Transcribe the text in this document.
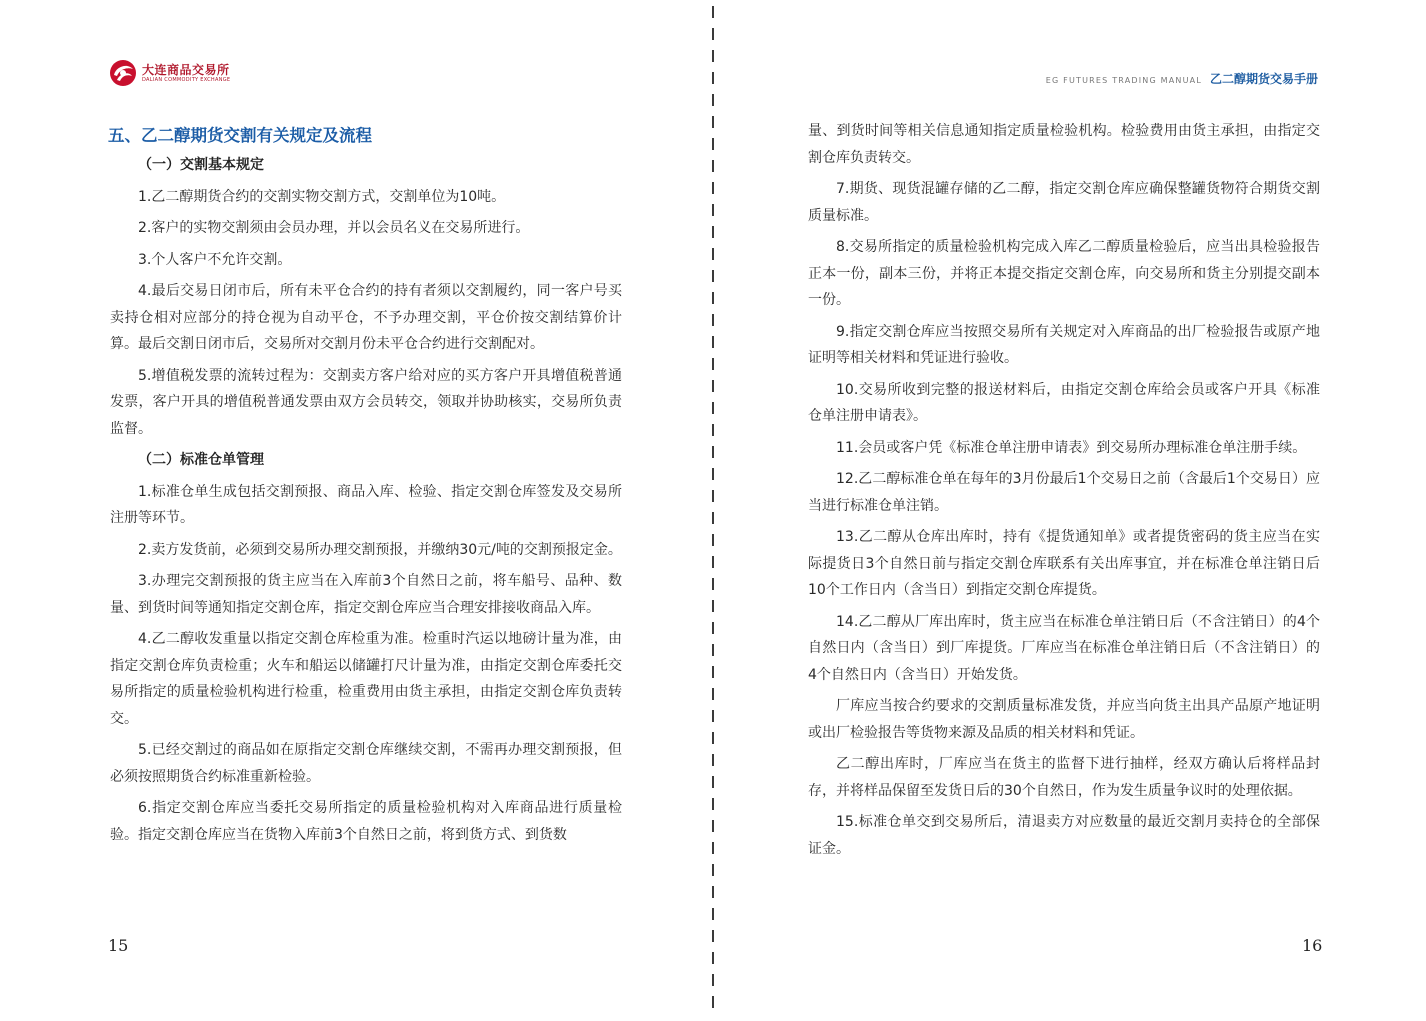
大连商品交易所
DALIAN COMMODITY EXCHANGE
五、乙二醇期货交割有关规定及流程

（一）交割基本规定

1.乙二醇期货合约的交割实物交割方式，交割单位为10吨。

2.客户的实物交割须由会员办理，并以会员名义在交易所进行。

3.个人客户不允许交割。

4.最后交易日闭市后，所有未平仓合约的持有者须以交割履约，同一客户号买卖持仓相对应部分的持仓视为自动平仓，不予办理交割，平仓价按交割结算价计算。最后交割日闭市后，交易所对交割月份未平仓合约进行交割配对。

5.增值税发票的流转过程为：交割卖方客户给对应的买方客户开具增值税普通发票，客户开具的增值税普通发票由双方会员转交，领取并协助核实，交易所负责监督。

（二）标准仓单管理

1.标准仓单生成包括交割预报、商品入库、检验、指定交割仓库签发及交易所注册等环节。

2.卖方发货前，必须到交易所办理交割预报，并缴纳30元/吨的交割预报定金。

3.办理完交割预报的货主应当在入库前3个自然日之前，将车船号、品种、数量、到货时间等通知指定交割仓库，指定交割仓库应当合理安排接收商品入库。

4.乙二醇收发重量以指定交割仓库检重为准。检重时汽运以地磅计量为准，由指定交割仓库负责检重；火车和船运以储罐打尺计量为准，由指定交割仓库委托交易所指定的质量检验机构进行检重，检重费用由货主承担，由指定交割仓库负责转交。

5.已经交割过的商品如在原指定交割仓库继续交割，不需再办理交割预报，但必须按照期货合约标准重新检验。

6.指定交割仓库应当委托交易所指定的质量检验机构对入库商品进行质量检验。指定交割仓库应当在货物入库前3个自然日之前，将到货方式、到货数

15
EG FUTURES TRADING MANUAL 乙二醇期货交易手册

量、到货时间等相关信息通知指定质量检验机构。检验费用由货主承担，由指定交割仓库负责转交。

7.期货、现货混罐存储的乙二醇，指定交割仓库应确保整罐货物符合期货交割质量标准。

8.交易所指定的质量检验机构完成入库乙二醇质量检验后，应当出具检验报告正本一份，副本三份，并将正本提交指定交割仓库，向交易所和货主分别提交副本一份。

9.指定交割仓库应当按照交易所有关规定对入库商品的出厂检验报告或原产地证明等相关材料和凭证进行验收。

10.交易所收到完整的报送材料后，由指定交割仓库给会员或客户开具《标准仓单注册申请表》。

11.会员或客户凭《标准仓单注册申请表》到交易所办理标准仓单注册手续。

12.乙二醇标准仓单在每年的3月份最后1个交易日之前（含最后1个交易日）应当进行标准仓单注销。

13.乙二醇从仓库出库时，持有《提货通知单》或者提货密码的货主应当在实际提货日3个自然日前与指定交割仓库联系有关出库事宜，并在标准仓单注销日后10个工作日内（含当日）到指定交割仓库提货。

14.乙二醇从厂库出库时，货主应当在标准仓单注销日后（不含注销日）的4个自然日内（含当日）到厂库提货。厂库应当在标准仓单注销日后（不含注销日）的4个自然日内（含当日）开始发货。

厂库应当按合约要求的交割质量标准发货，并应当向货主出具产品原产地证明或出厂检验报告等货物来源及品质的相关材料和凭证。

乙二醇出库时，厂库应当在货主的监督下进行抽样，经双方确认后将样品封存，并将样品保留至发货日后的30个自然日，作为发生质量争议时的处理依据。

15.标准仓单交到交易所后，清退卖方对应数量的最近交割月卖持仓的全部保证金。

16
